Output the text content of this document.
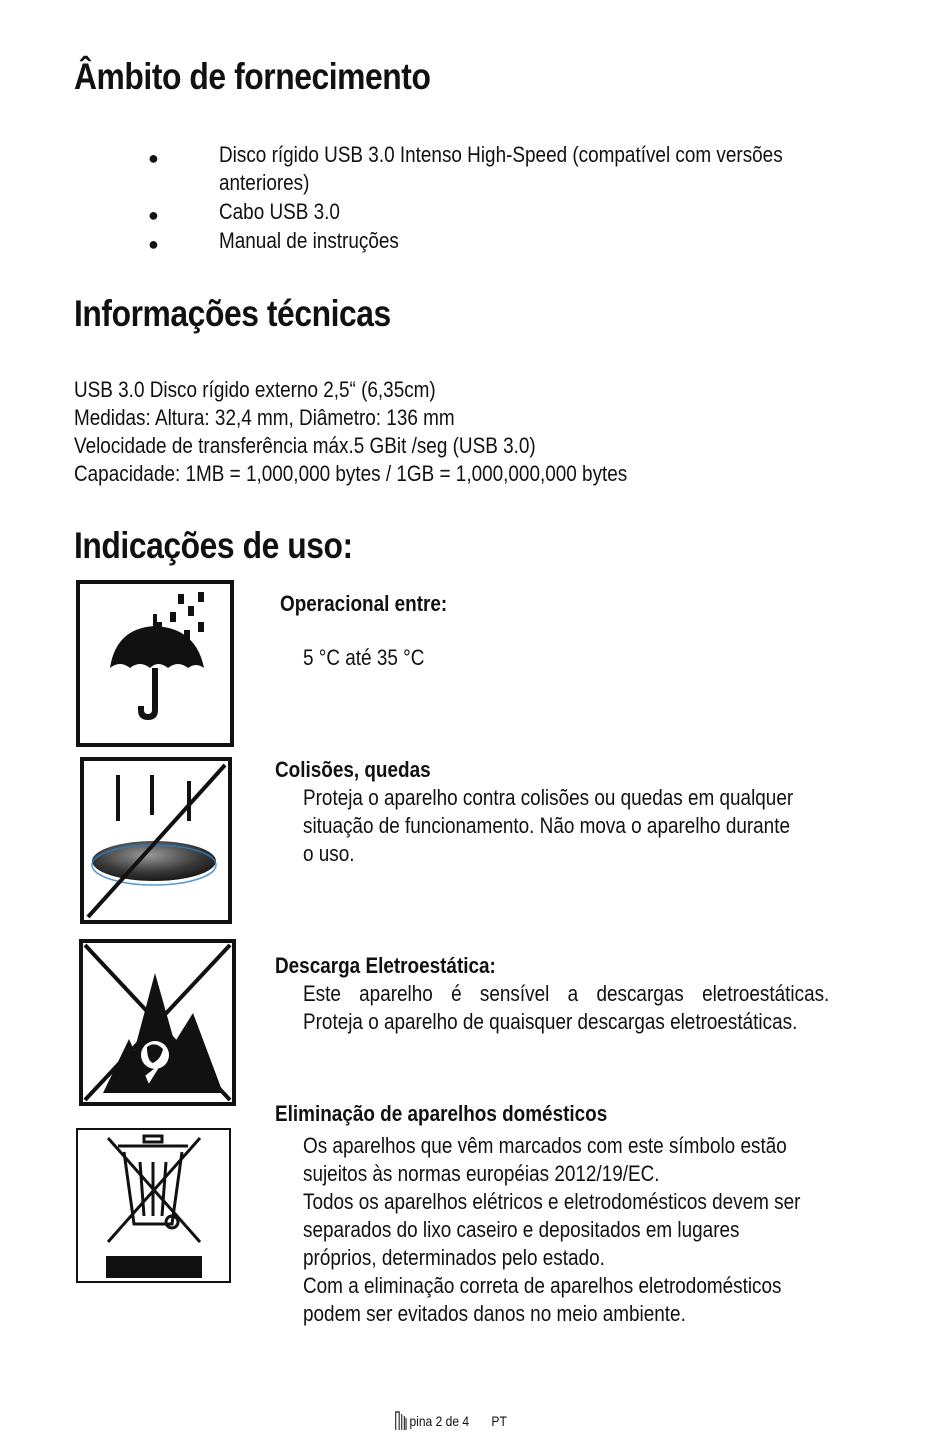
Âmbito de fornecimento
●	Disco rígido USB 3.0 Intenso High-Speed (compatível com versões
anteriores)
●	Cabo USB 3.0
●	Manual de instruções
Informações técnicas
USB 3.0 Disco rígido externo 2,5“ (6,35cm)
Medidas: Altura: 32,4 mm, Diâmetro: 136 mm
Velocidade de transferência máx.5 GBit /seg (USB 3.0)
Capacidade: 1MB = 1,000,000 bytes / 1GB = 1,000,000,000 bytes
Indicações de uso:
Operacional entre:
5 °C até 35 °C
Colisões, quedas
Proteja o aparelho contra colisões ou quedas em qualquer
situação de funcionamento. Não mova o aparelho durante
o uso.
Descarga Eletroestática:
Este aparelho é sensível a descargas eletroestáticas.
Proteja o aparelho de quaisquer descargas eletroestáticas.
Eliminação de aparelhos domésticos
Os aparelhos que vêm marcados com este símbolo estão
sujeitos às normas européias 2012/19/EC.
Todos os aparelhos elétricos e eletrodomésticos devem ser
separados do lixo caseiro e depositados em lugares
próprios, determinados pelo estado.
Com a eliminação correta de aparelhos eletrodomésticos
podem ser evitados danos no meio ambiente.
pina 2 de 4 PT
